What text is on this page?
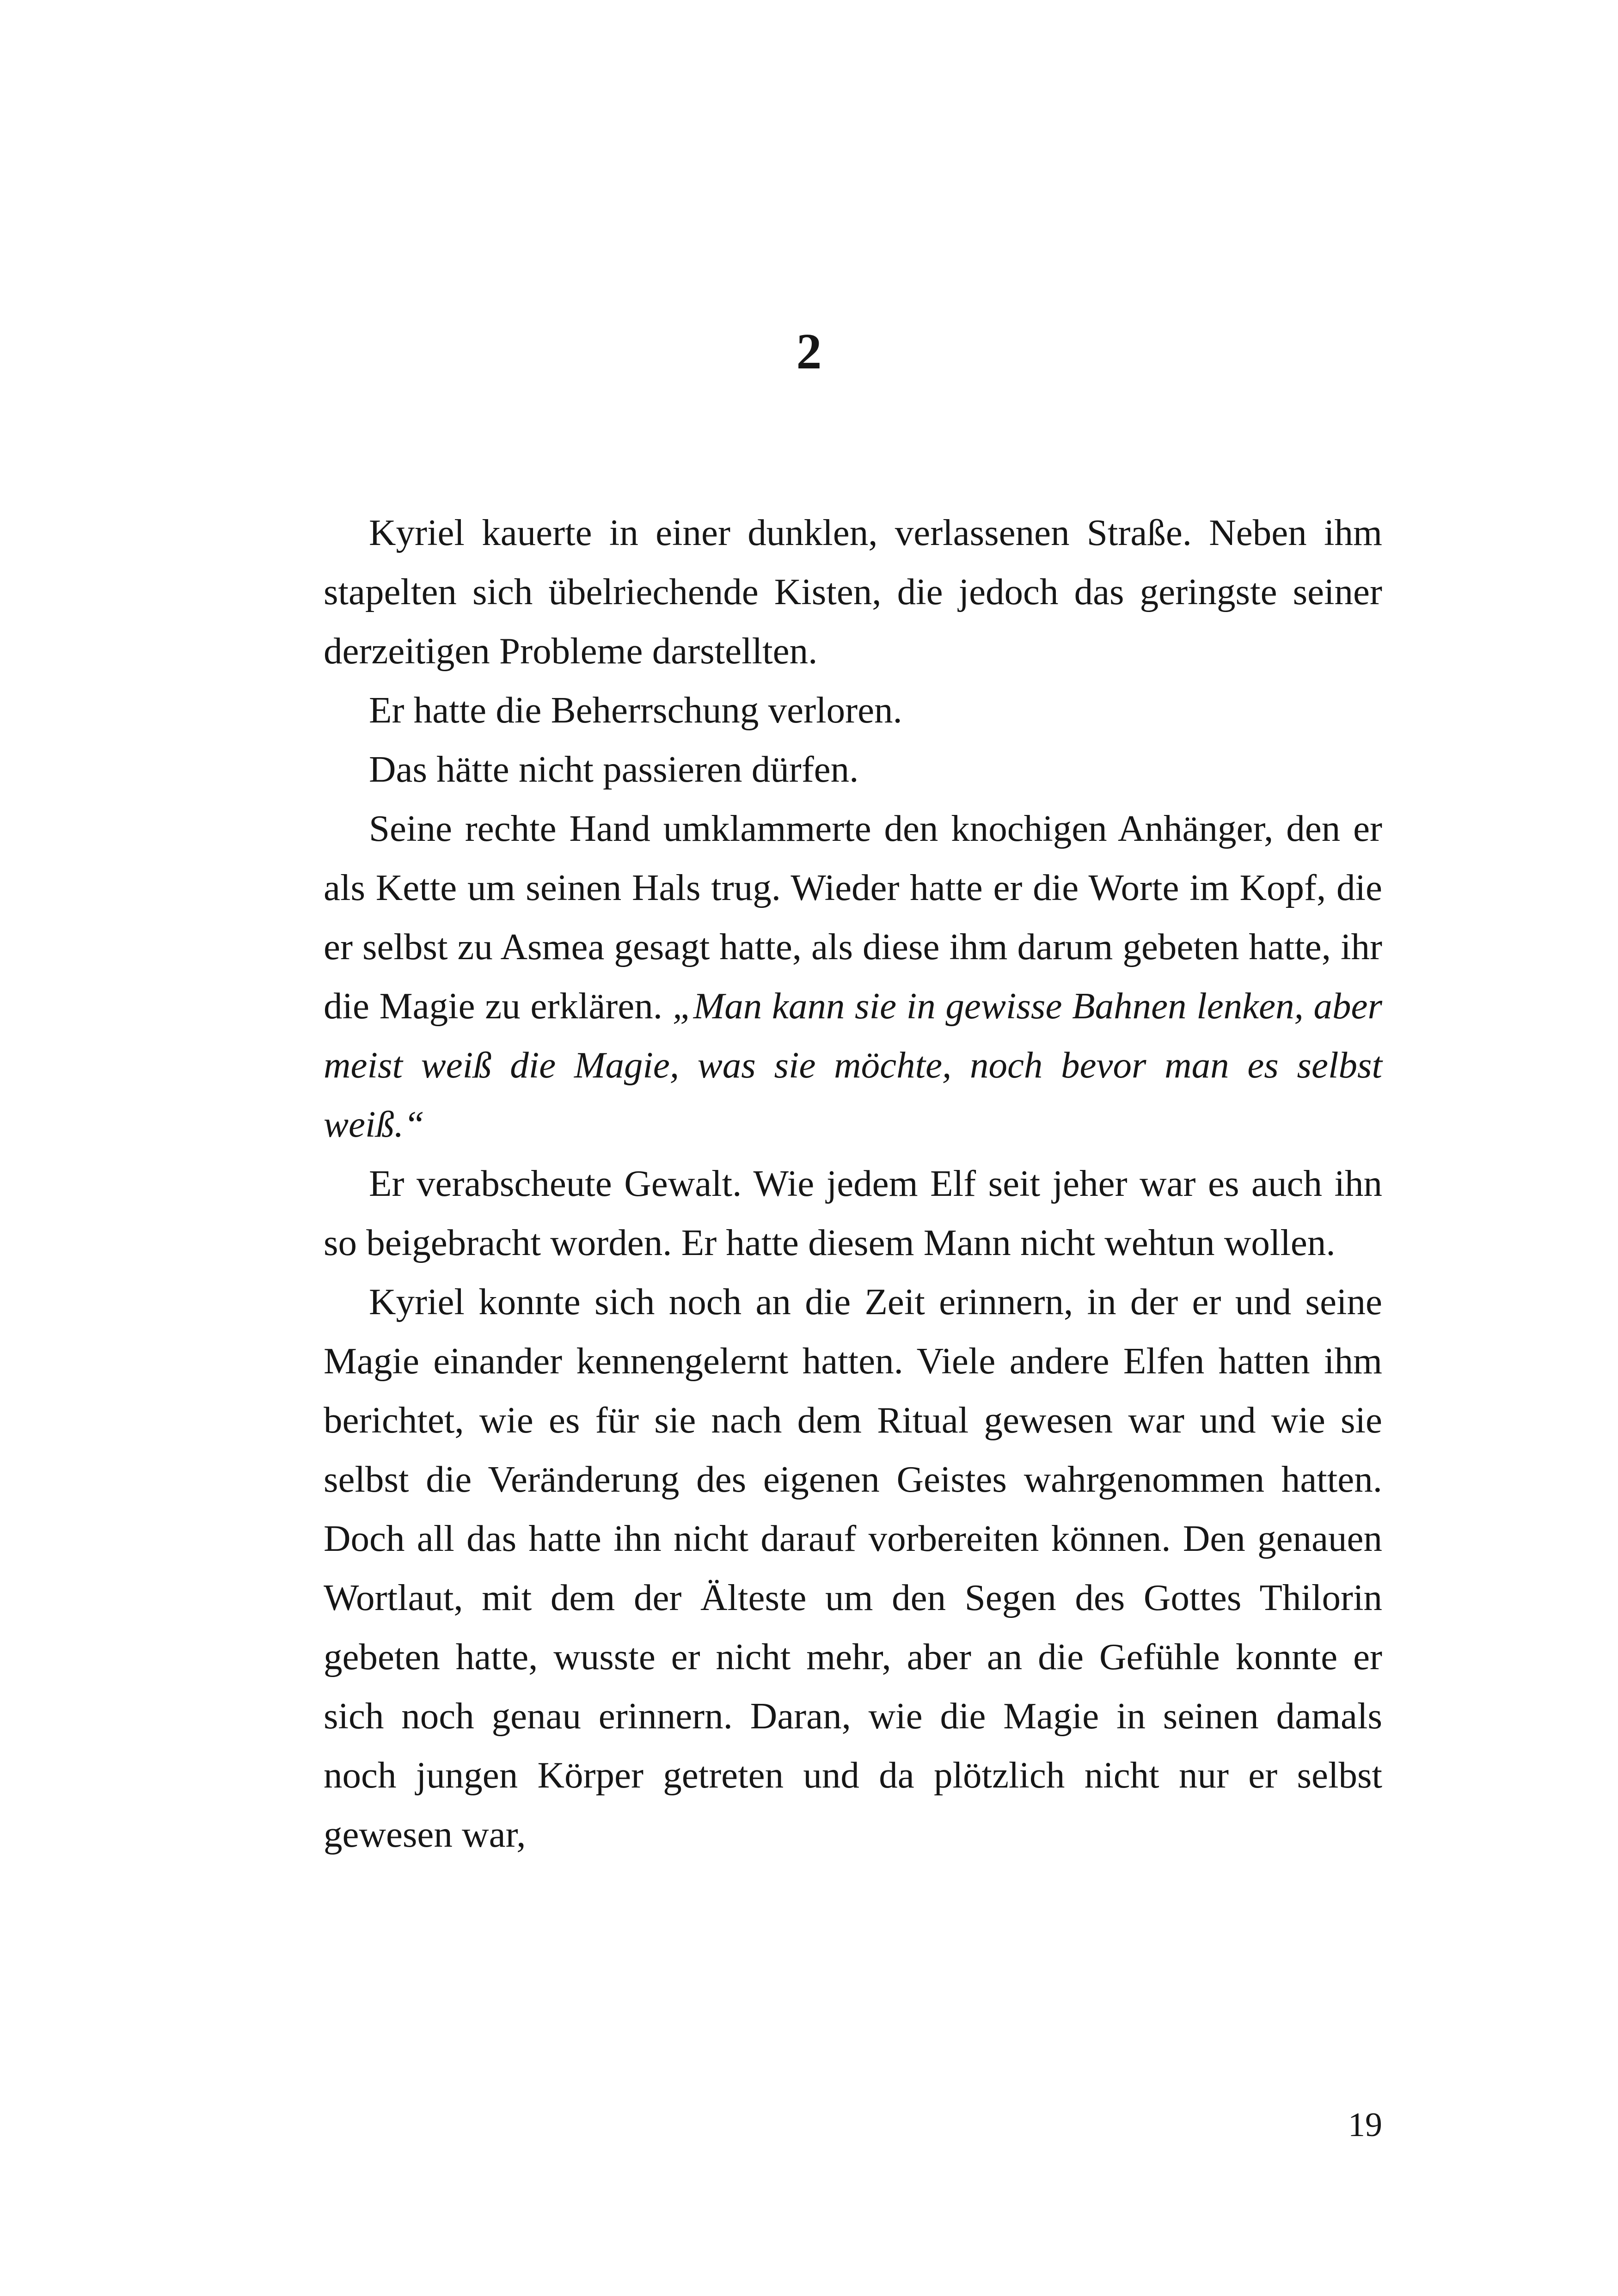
2

Kyriel kauerte in einer dunklen, verlassenen Straße. Neben ihm stapelten sich übelriechende Kisten, die jedoch das geringste seiner derzeitigen Probleme darstellten.

Er hatte die Beherrschung verloren.

Das hätte nicht passieren dürfen.

Seine rechte Hand umklammerte den knochigen Anhänger, den er als Kette um seinen Hals trug. Wieder hatte er die Worte im Kopf, die er selbst zu Asmea gesagt hatte, als diese ihm darum gebeten hatte, ihr die Magie zu erklären. „Man kann sie in gewisse Bahnen lenken, aber meist weiß die Magie, was sie möchte, noch bevor man es selbst weiß.“

Er verabscheute Gewalt. Wie jedem Elf seit jeher war es auch ihn so beigebracht worden. Er hatte diesem Mann nicht wehtun wollen.

Kyriel konnte sich noch an die Zeit erinnern, in der er und seine Magie einander kennengelernt hatten. Viele andere Elfen hatten ihm berichtet, wie es für sie nach dem Ritual gewesen war und wie sie selbst die Veränderung des eigenen Geistes wahrgenommen hatten. Doch all das hatte ihn nicht darauf vorbereiten können. Den genauen Wortlaut, mit dem der Älteste um den Segen des Gottes Thilorin gebeten hatte, wusste er nicht mehr, aber an die Gefühle konnte er sich noch genau erinnern. Daran, wie die Magie in seinen damals noch jungen Körper getreten und da plötzlich nicht nur er selbst gewesen war,

19
